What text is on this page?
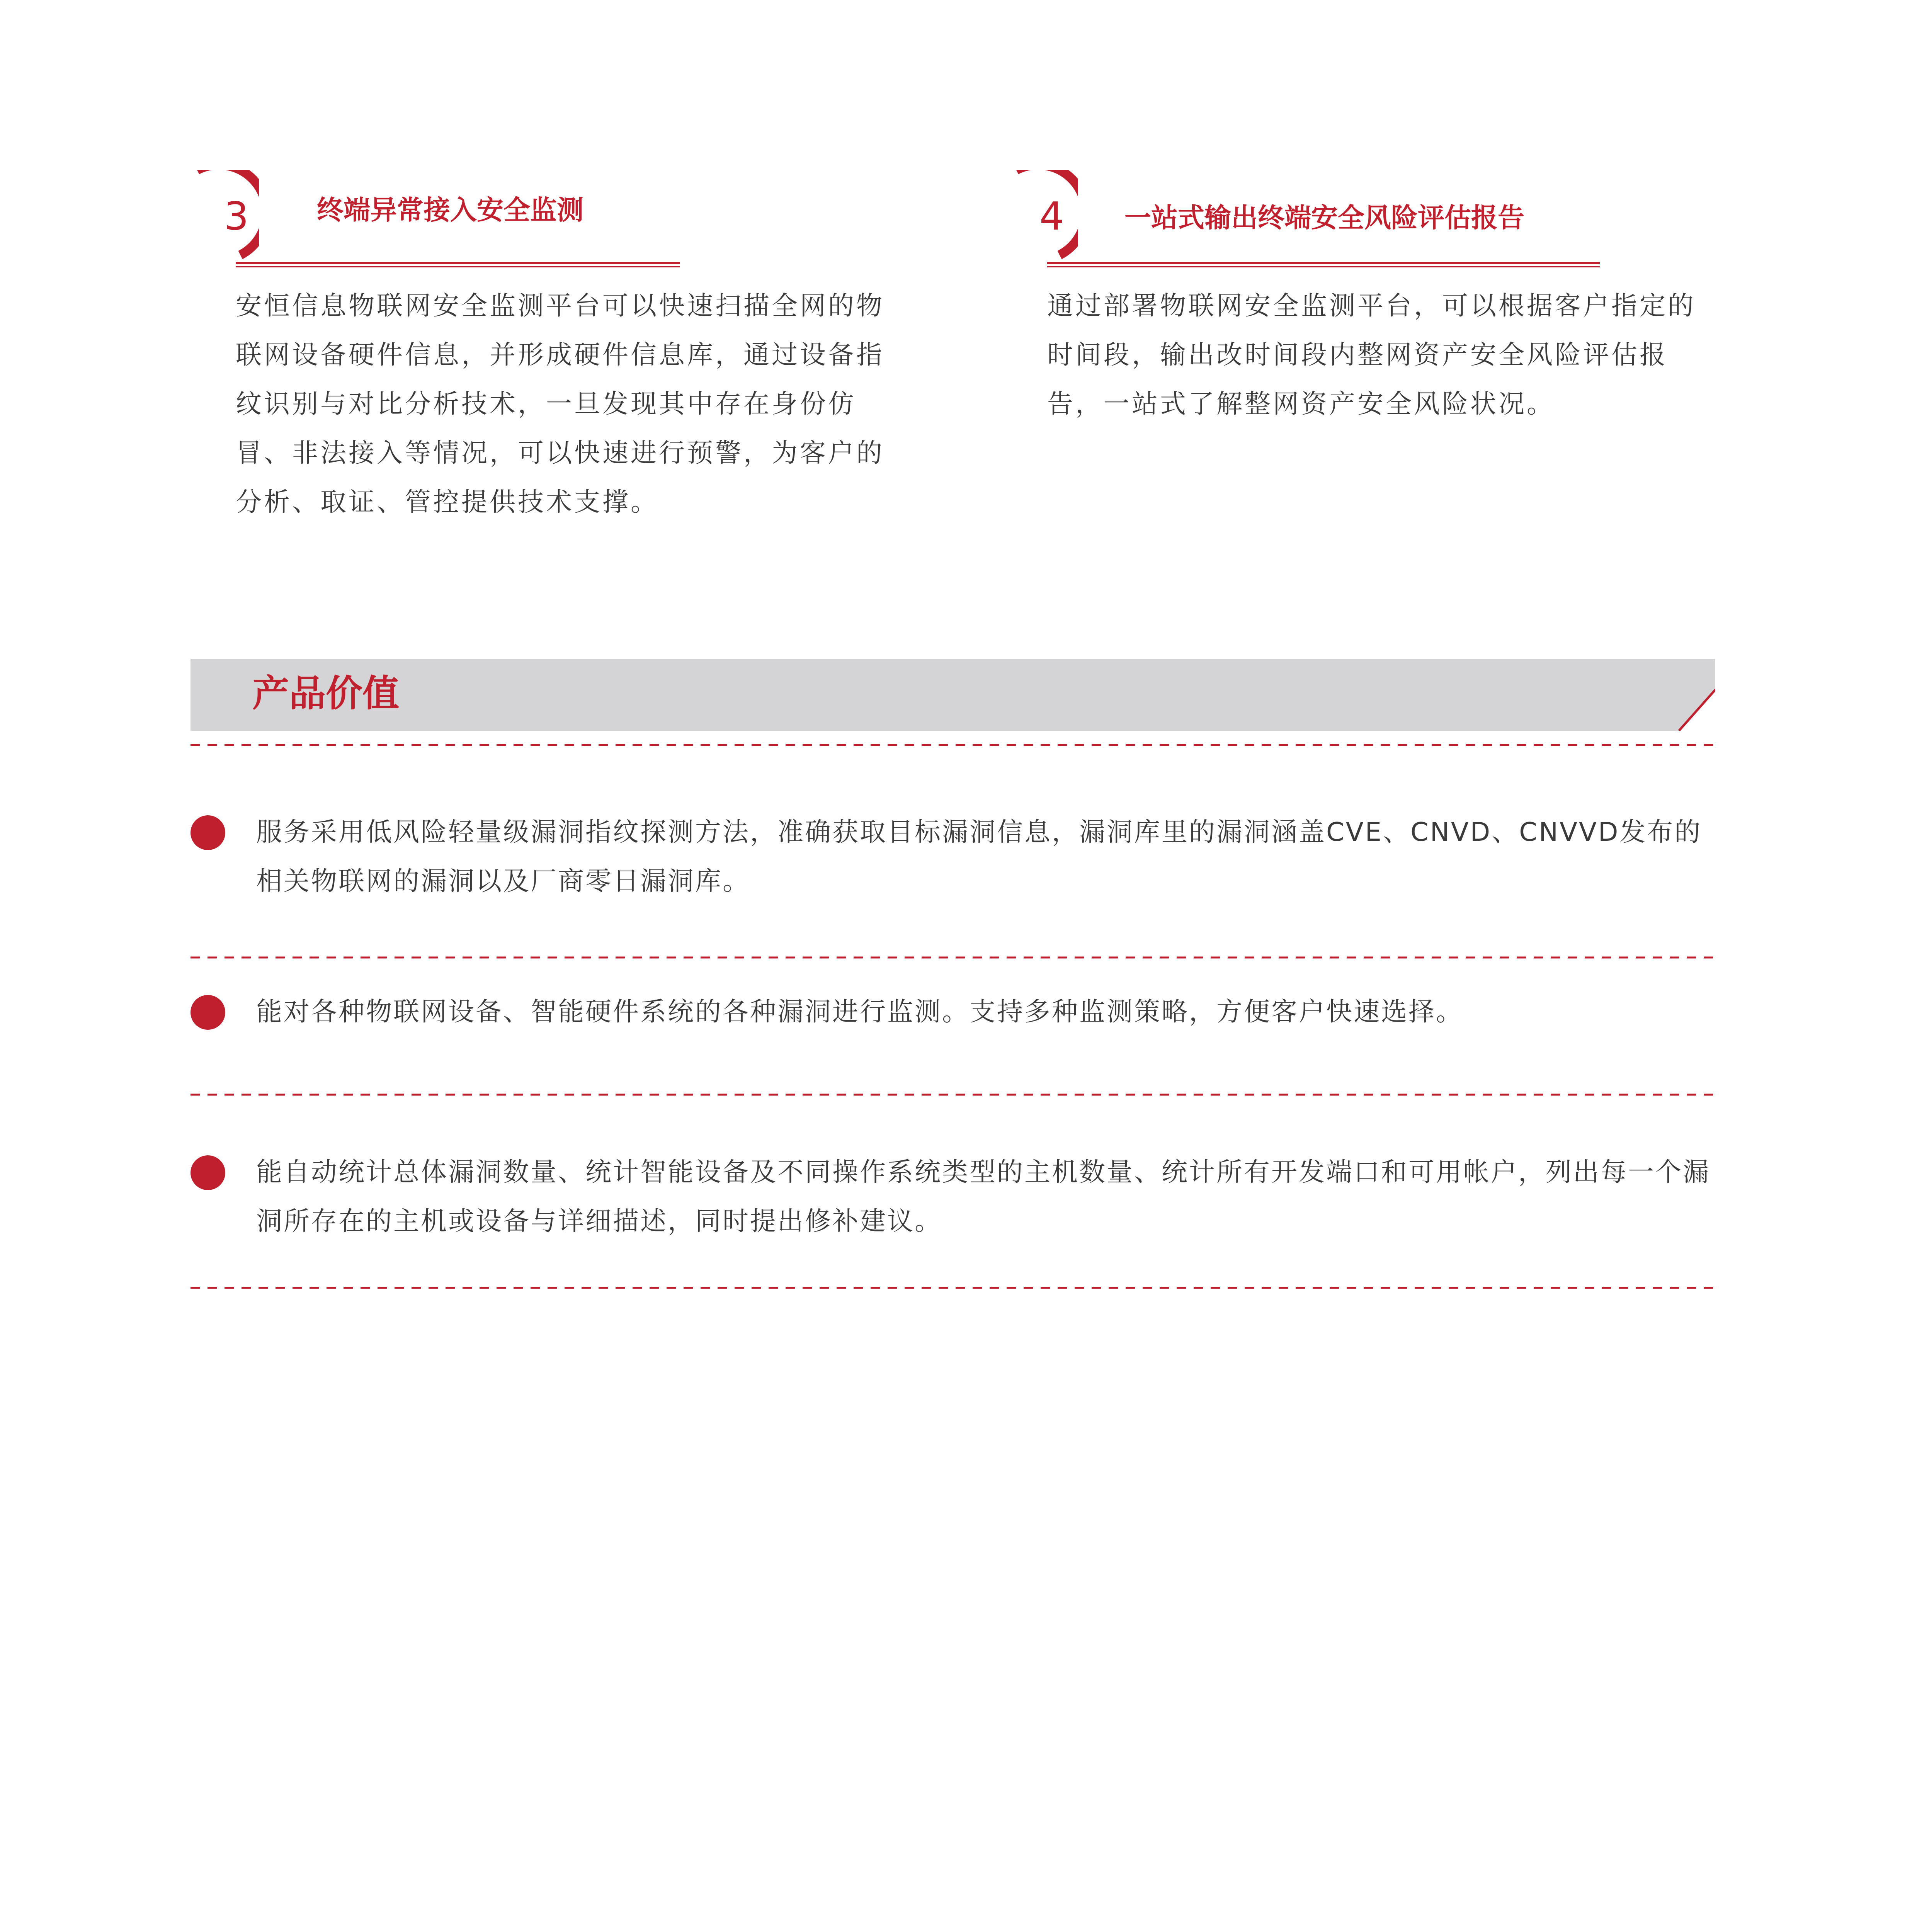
3	终端异常接入安全监测
安恒信息物联网安全监测平台可以快速扫描全网的物联网设备硬件信息，并形成硬件信息库，通过设备指纹识别与对比分析技术，一旦发现其中存在身份仿冒、非法接入等情况，可以快速进行预警，为客户的分析、取证、管控提供技术支撑。
4 一站式输出终端安全风险评估报告
通过部署物联网安全监测平台，可以根据客户指定的时间段，输出改时间段内整网资产安全风险评估报告，一站式了解整网资产安全风险状况。
产品价值
服务采用低风险轻量级漏洞指纹探测方法，准确获取目标漏洞信息，漏洞库里的漏洞涵盖CVE、CNVD、CNVVD发布的相关物联网的漏洞以及厂商零日漏洞库。
能对各种物联网设备、智能硬件系统的各种漏洞进行监测。支持多种监测策略，方便客户快速选择。
能自动统计总体漏洞数量、统计智能设备及不同操作系统类型的主机数量、统计所有开发端口和可用帐户，列出每一个漏洞所存在的主机或设备与详细描述，同时提出修补建议。
